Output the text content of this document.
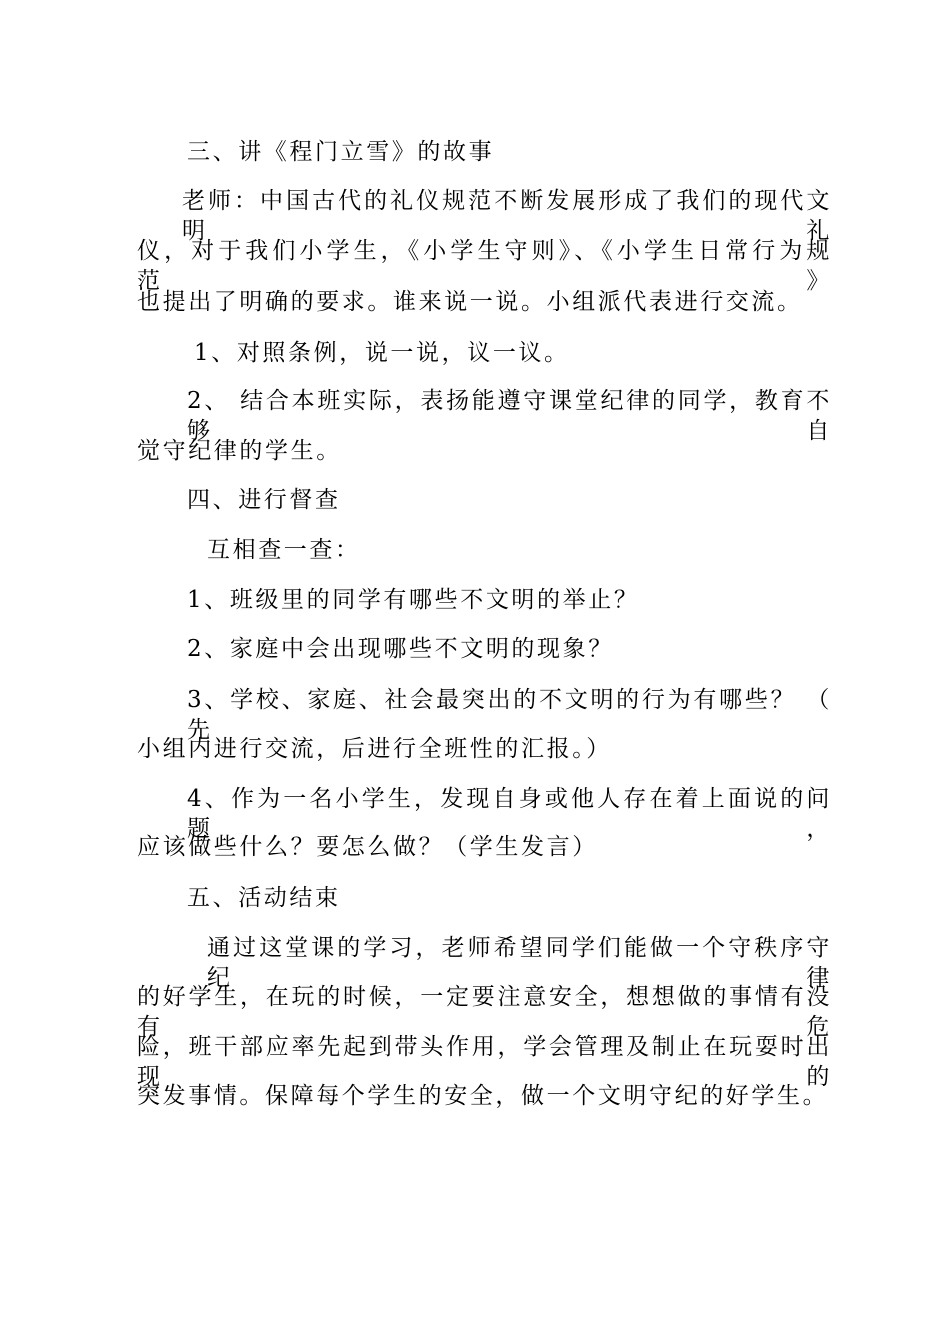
三、讲《程门立雪》的故事
老师：中国古代的礼仪规范不断发展形成了我们的现代文明礼
仪，对于我们小学生，《小学生守则》、《小学生日常行为规范》
也提出了明确的要求。谁来说一说。小组派代表进行交流。
1、对照条例，说一说，议一议。
2、 结合本班实际，表扬能遵守课堂纪律的同学，教育不够自
觉守纪律的学生。
四、进行督查
互相查一查：
1、班级里的同学有哪些不文明的举止？
2、家庭中会出现哪些不文明的现象？
3、学校、家庭、社会最突出的不文明的行为有哪些？ （ 先
小组内进行交流，后进行全班性的汇报。）
4、作为一名小学生，发现自身或他人存在着上面说的问题，
应该做些什么？要怎么做？（学生发言）
五、活动结束
通过这堂课的学习，老师希望同学们能做一个守秩序守纪律
的好学生，在玩的时候，一定要注意安全，想想做的事情有没有危
险，班干部应率先起到带头作用，学会管理及制止在玩耍时出现的
突发事情。保障每个学生的安全，做一个文明守纪的好学生。
